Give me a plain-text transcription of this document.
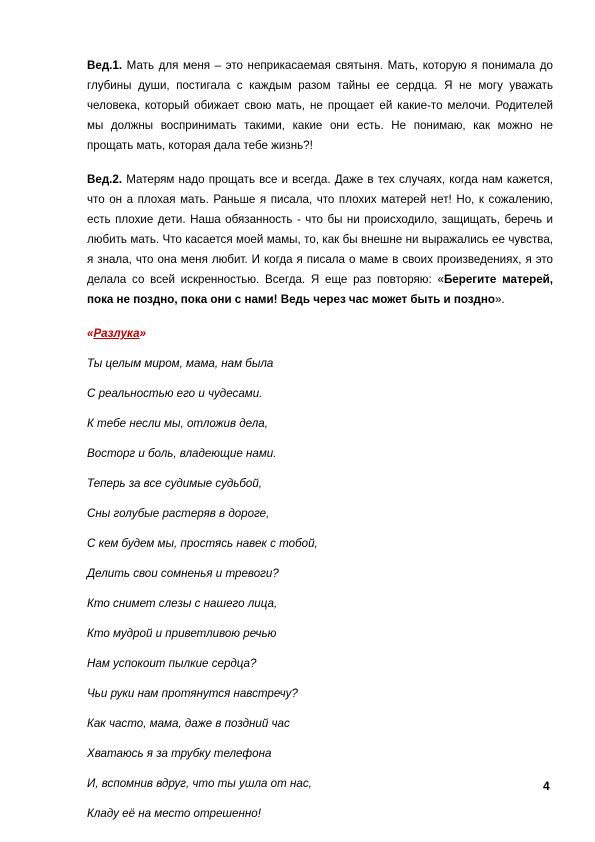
Вед.1. Мать для меня – это неприкасаемая святыня. Мать, которую я понимала до глубины души, постигала с каждым разом тайны ее сердца. Я не могу уважать человека, который обижает свою мать, не прощает ей какие-то мелочи. Родителей мы должны воспринимать такими, какие они есть. Не понимаю, как можно не прощать мать, которая дала тебе жизнь?!

Вед.2. Матерям надо прощать все и всегда. Даже в тех случаях, когда нам кажется, что он а плохая мать. Раньше я писала, что плохих матерей нет! Но, к сожалению, есть плохие дети. Наша обязанность - что бы ни происходило, защищать, беречь и любить мать. Что касается моей мамы, то, как бы внешне ни выражались ее чувства, я знала, что она меня любит. И когда я писала о маме в своих произведениях, я это делала со всей искренностью. Всегда. Я еще раз повторяю: «Берегите матерей, пока не поздно, пока они с нами! Ведь через час может быть и поздно».

«Разлука»
Ты целым миром, мама, нам была
С реальностью его и чудесами.
К тебе несли мы, отложив дела,
Восторг и боль, владеющие нами.
Теперь за все судимые судьбой,
Сны голубые растеряв в дороге,
С кем будем мы, простясь навек с тобой,
Делить свои сомненья и тревоги?
Кто снимет слезы с нашего лица,
Кто мудрой и приветливою речью
Нам успокоит пылкие сердца?
Чьи руки нам протянутся навстречу?
Как часто, мама, даже в поздний час
Хватаюсь я за трубку телефона
И, вспомнив вдруг, что ты ушла от нас,
Кладу её на место отрешенно!
4
